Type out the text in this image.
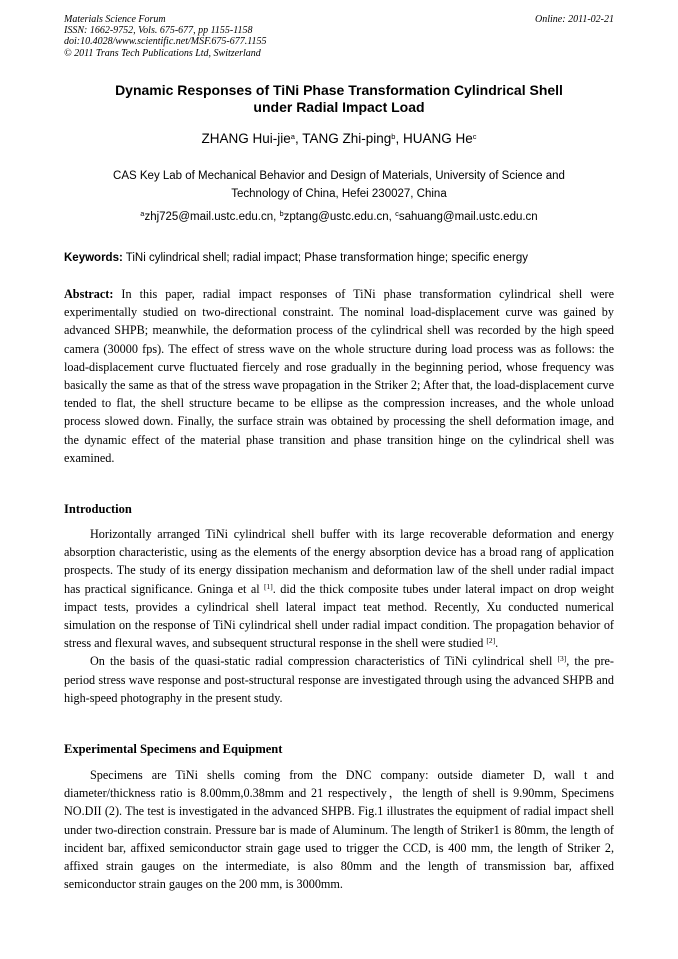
Materials Science Forum
ISSN: 1662-9752, Vols. 675-677, pp 1155-1158
doi:10.4028/www.scientific.net/MSF.675-677.1155
© 2011 Trans Tech Publications Ltd, Switzerland
Online: 2011-02-21
Dynamic Responses of TiNi Phase Transformation Cylindrical Shell
under Radial Impact Load
ZHANG Hui-jie$^a$, TANG Zhi-ping$^b$, HUANG He$^c$
CAS Key Lab of Mechanical Behavior and Design of Materials, University of Science and
Technology of China, Hefei 230027, China
$^a$zhj725@mail.ustc.edu.cn, $^b$zptang@ustc.edu.cn, $^c$sahuang@mail.ustc.edu.cn
Keywords: TiNi cylindrical shell; radial impact; Phase transformation hinge; specific energy

Abstract: In this paper, radial impact responses of TiNi phase transformation cylindrical shell were experimentally studied on two-directional constraint. The nominal load-displacement curve was gained by advanced SHPB; meanwhile, the deformation process of the cylindrical shell was recorded by the high speed camera (30000 fps). The effect of stress wave on the whole structure during load process was as follows: the load-displacement curve fluctuated fiercely and rose gradually in the beginning period, whose frequency was basically the same as that of the stress wave propagation in the Striker 2; After that, the load-displacement curve tended to flat, the shell structure became to be ellipse as the compression increases, and the whole unload process slowed down. Finally, the surface strain was obtained by processing the shell deformation image, and the dynamic effect of the material phase transition and phase transition hinge on the cylindrical shell was examined.

Introduction

Horizontally arranged TiNi cylindrical shell buffer with its large recoverable deformation and energy absorption characteristic, using as the elements of the energy absorption device has a broad rang of application prospects. The study of its energy dissipation mechanism and deformation law of the shell under radial impact has practical significance. Gninga et al [1]. did the thick composite tubes under lateral impact on drop weight impact tests, provides a cylindrical shell lateral impact teat method. Recently, Xu conducted numerical simulation on the response of TiNi cylindrical shell under radial impact condition. The propagation behavior of stress and flexural waves, and subsequent structural response in the shell were studied [2].

On the basis of the quasi-static radial compression characteristics of TiNi cylindrical shell [3], the pre-period stress wave response and post-structural response are investigated through using the advanced SHPB and high-speed photography in the present study.

Experimental Specimens and Equipment

Specimens are TiNi shells coming from the DNC company: outside diameter D, wall t and diameter/thickness ratio is 8.00mm,0.38mm and 21 respectively，the length of shell is 9.90mm, Specimens NO.DII (2). The test is investigated in the advanced SHPB. Fig.1 illustrates the equipment of radial impact shell under two-direction constrain. Pressure bar is made of Aluminum. The length of Striker1 is 80mm, the length of incident bar, affixed semiconductor strain gage used to trigger the CCD, is 400 mm, the length of Striker 2, affixed strain gauges on the intermediate, is also 80mm and the length of transmission bar, affixed semiconductor strain gauges on the 200 mm, is 3000mm.
